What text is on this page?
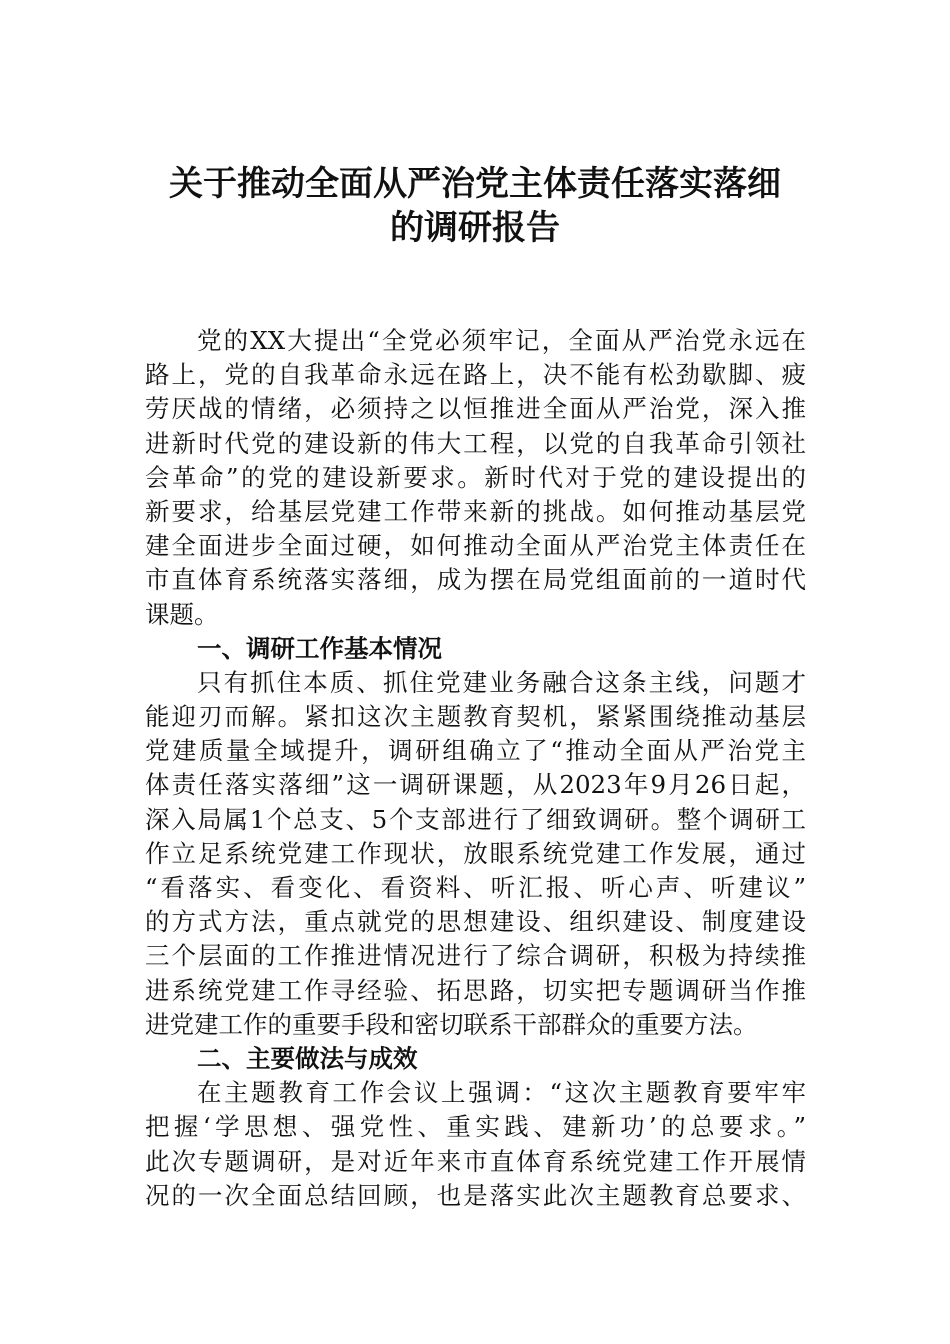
关于推动全面从严治党主体责任落实落细
的调研报告
党的XX大提出“全党必须牢记，全面从严治党永远在
路上，党的自我革命永远在路上，决不能有松劲歇脚、疲
劳厌战的情绪，必须持之以恒推进全面从严治党，深入推
进新时代党的建设新的伟大工程，以党的自我革命引领社
会革命”的党的建设新要求。新时代对于党的建设提出的
新要求，给基层党建工作带来新的挑战。如何推动基层党
建全面进步全面过硬，如何推动全面从严治党主体责任在
市直体育系统落实落细，成为摆在局党组面前的一道时代
课题。
一、调研工作基本情况
只有抓住本质、抓住党建业务融合这条主线，问题才
能迎刃而解。紧扣这次主题教育契机，紧紧围绕推动基层
党建质量全域提升，调研组确立了“推动全面从严治党主
体责任落实落细”这一调研课题，从2023年9月26日起，
深入局属1个总支、5个支部进行了细致调研。整个调研工
作立足系统党建工作现状，放眼系统党建工作发展，通过
“看落实、看变化、看资料、听汇报、听心声、听建议”
的方式方法，重点就党的思想建设、组织建设、制度建设
三个层面的工作推进情况进行了综合调研，积极为持续推
进系统党建工作寻经验、拓思路，切实把专题调研当作推
进党建工作的重要手段和密切联系干部群众的重要方法。
二、主要做法与成效
在主题教育工作会议上强调：“这次主题教育要牢牢
把握‘学思想、强党性、重实践、建新功’的总要求。”
此次专题调研，是对近年来市直体育系统党建工作开展情
况的一次全面总结回顾，也是落实此次主题教育总要求、
